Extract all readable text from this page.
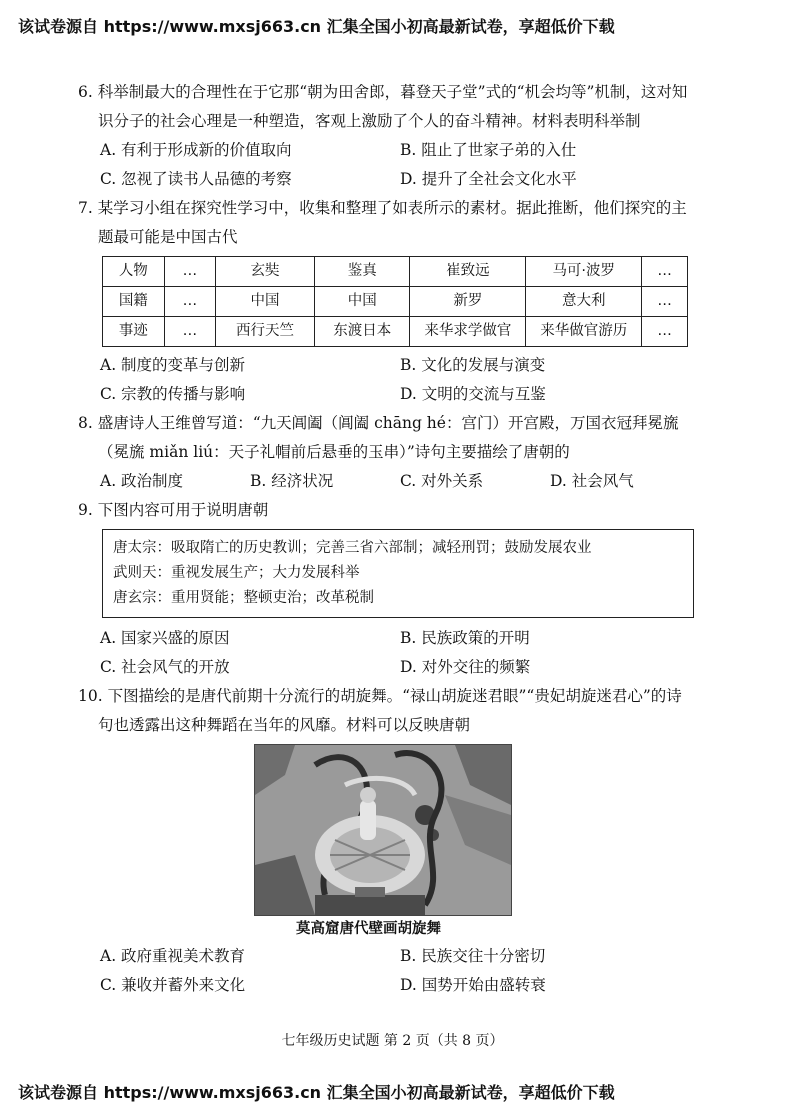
该试卷源自 https://www.mxsj663.cn 汇集全国小初高最新试卷，享超低价下载
6. 科举制最大的合理性在于它那“朝为田舍郎，暮登天子堂”式的“机会均等”机制，这对知识分子的社会心理是一种塑造，客观上激励了个人的奋斗精神。材料表明科举制
A. 有利于形成新的价值取向	B. 阻止了世家子弟的入仕
C. 忽视了读书人品德的考察	D. 提升了全社会文化水平
7. 某学习小组在探究性学习中，收集和整理了如表所示的素材。据此推断，他们探究的主题最可能是中国古代
人物	…	玄奘	鉴真	崔致远	马可·波罗	…
国籍	…	中国	中国	新罗	意大利	…
事迹	…	西行天竺	东渡日本	来华求学做官	来华做官游历	…
A. 制度的变革与创新	B. 文化的发展与演变
C. 宗教的传播与影响	D. 文明的交流与互鉴
8. 盛唐诗人王维曾写道：“九天阊阖（阊阖 chāng hé：宫门）开宫殿，万国衣冠拜冕旒（冕旒 miǎn liú：天子礼帽前后悬垂的玉串）”诗句主要描绘了唐朝的
A. 政治制度	B. 经济状况	C. 对外关系	D. 社会风气
9. 下图内容可用于说明唐朝
唐太宗：吸取隋亡的历史教训；完善三省六部制；减轻刑罚；鼓励发展农业
武则天：重视发展生产；大力发展科举
唐玄宗：重用贤能；整顿吏治；改革税制
A. 国家兴盛的原因	B. 民族政策的开明
C. 社会风气的开放	D. 对外交往的频繁
10. 下图描绘的是唐代前期十分流行的胡旋舞。“禄山胡旋迷君眼”“贵妃胡旋迷君心”的诗句也透露出这种舞蹈在当年的风靡。材料可以反映唐朝
莫高窟唐代壁画胡旋舞
A. 政府重视美术教育	B. 民族交往十分密切
C. 兼收并蓄外来文化	D. 国势开始由盛转衰
七年级历史试题 第 2 页（共 8 页）
该试卷源自 https://www.mxsj663.cn 汇集全国小初高最新试卷，享超低价下载
